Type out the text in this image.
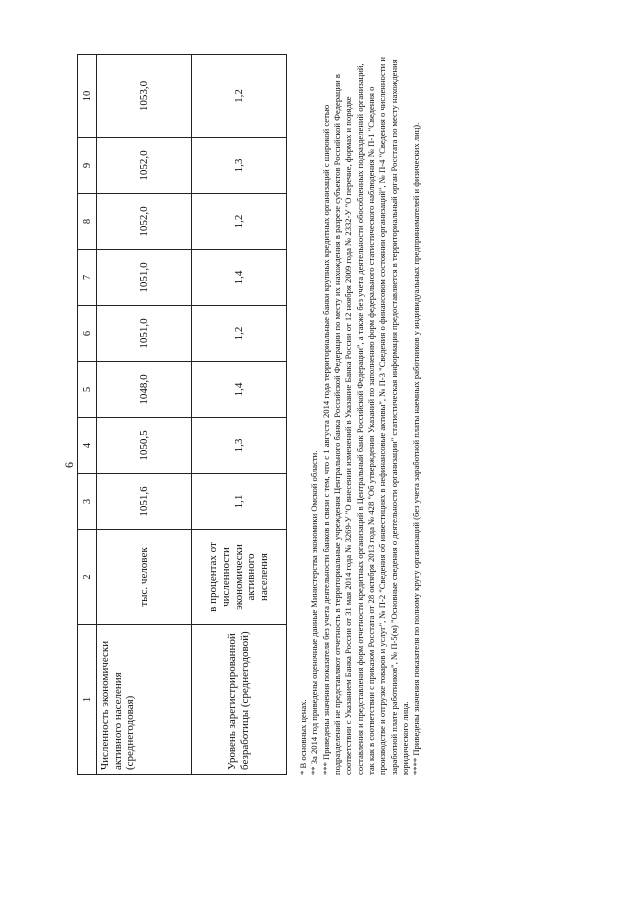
6
1	2	3	4	5	6	7	8	9	10
Численность экономически активного населения (среднегодовая)	тыс. человек	1051,6	1050,5	1048,0	1051,0	1051,0	1052,0	1052,0	1053,0
Уровень зарегистрированной безработицы (среднегодовой)	в процентах от численности экономически активного населения	1,1	1,3	1,4	1,2	1,4	1,2	1,3	1,2

* В основных ценах. ** За 2014 год приведены оценочные данные Министерства экономики Омской области. *** Приведены значения показателя без учета деятельности банков в связи с тем, что с 1 августа 2014 года территориальные банки крупных кредитных организаций с широкой сетью подразделений не представляют отчетность в территориальные учреждения Центрального банка Российской Федерации по месту их нахождения в разрезе субъектов Российской Федерации в соответствии с Указанием Банка России от 31 мая 2014 года № 3269-У "О внесении изменений в Указание Банка России от 12 ноября 2009 года № 2332-У "О перечне, формах и порядке составления и представления форм отчетности кредитных организаций в Центральный банк Российской Федерации", а также без учета деятельности обособленных подразделений организаций, так как в соответствии с приказом Росстата от 28 октября 2013 года № 428 "Об утверждении Указаний по заполнению форм федерального статистического наблюдения № П-1 "Сведения о производстве и отгрузке товаров и услуг", № П-2 "Сведения об инвестициях в нефинансовые активы", № П-3 "Сведения о финансовом состоянии организаций", № П-4 "Сведения о численности и заработной плате работников", № П-5(м) "Основные сведения о деятельности организации" статистическая информация предоставляется в территориальный орган Росстата по месту нахождения юридического лица. **** Приведены значения показателя по полному кругу организаций (без учета заработной платы наемных работников у индивидуальных предпринимателей и физических лиц).
